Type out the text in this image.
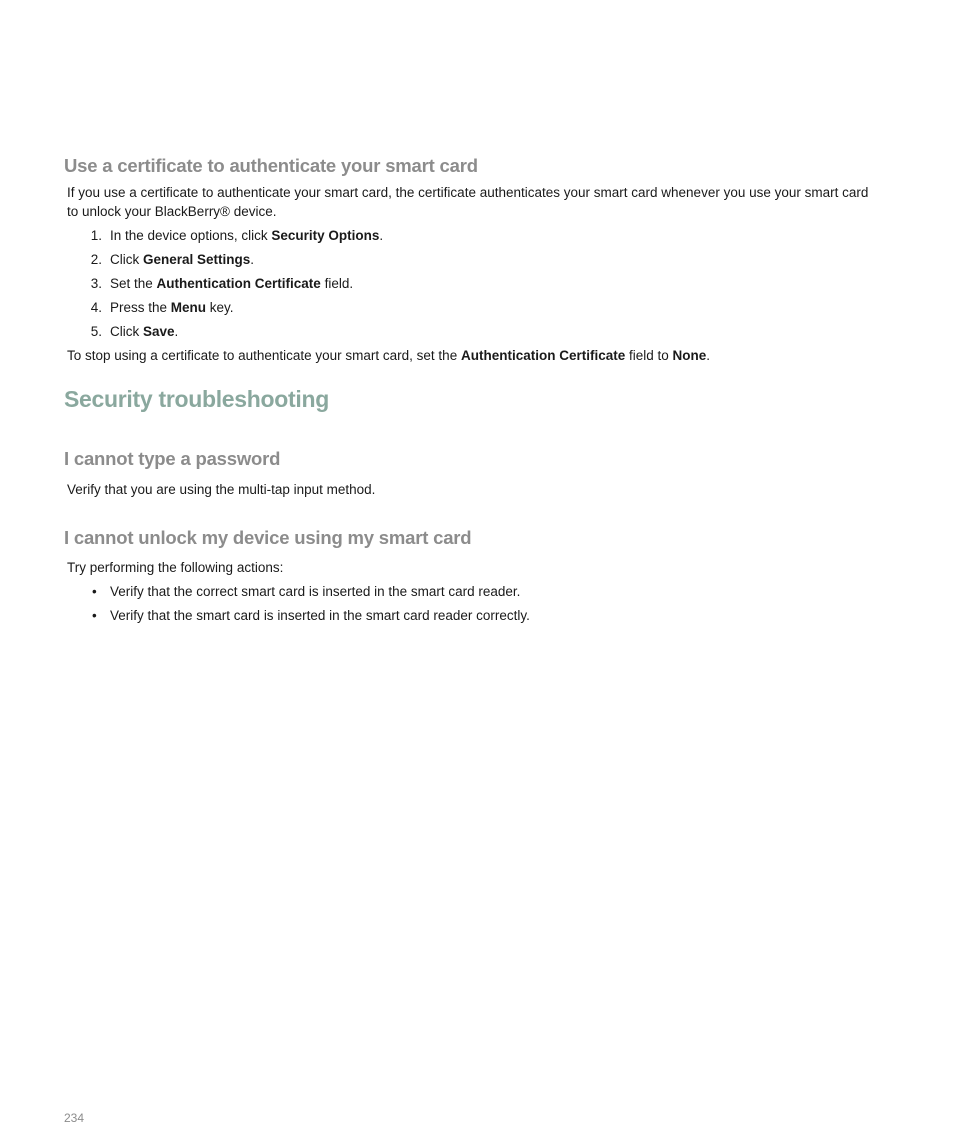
Use a certificate to authenticate your smart card

If you use a certificate to authenticate your smart card, the certificate authenticates your smart card whenever you use your smart card

to unlock your BlackBerry® device.

1. In the device options, click Security Options.
2. Click General Settings.
3. Set the Authentication Certificate field.
4. Press the Menu key.
5. Click Save.

To stop using a certificate to authenticate your smart card, set the Authentication Certificate field to None.

Security troubleshooting
I cannot type a password

Verify that you are using the multi-tap input method.

I cannot unlock my device using my smart card

Try performing the following actions:

• Verify that the correct smart card is inserted in the smart card reader.
• Verify that the smart card is inserted in the smart card reader correctly.
234
